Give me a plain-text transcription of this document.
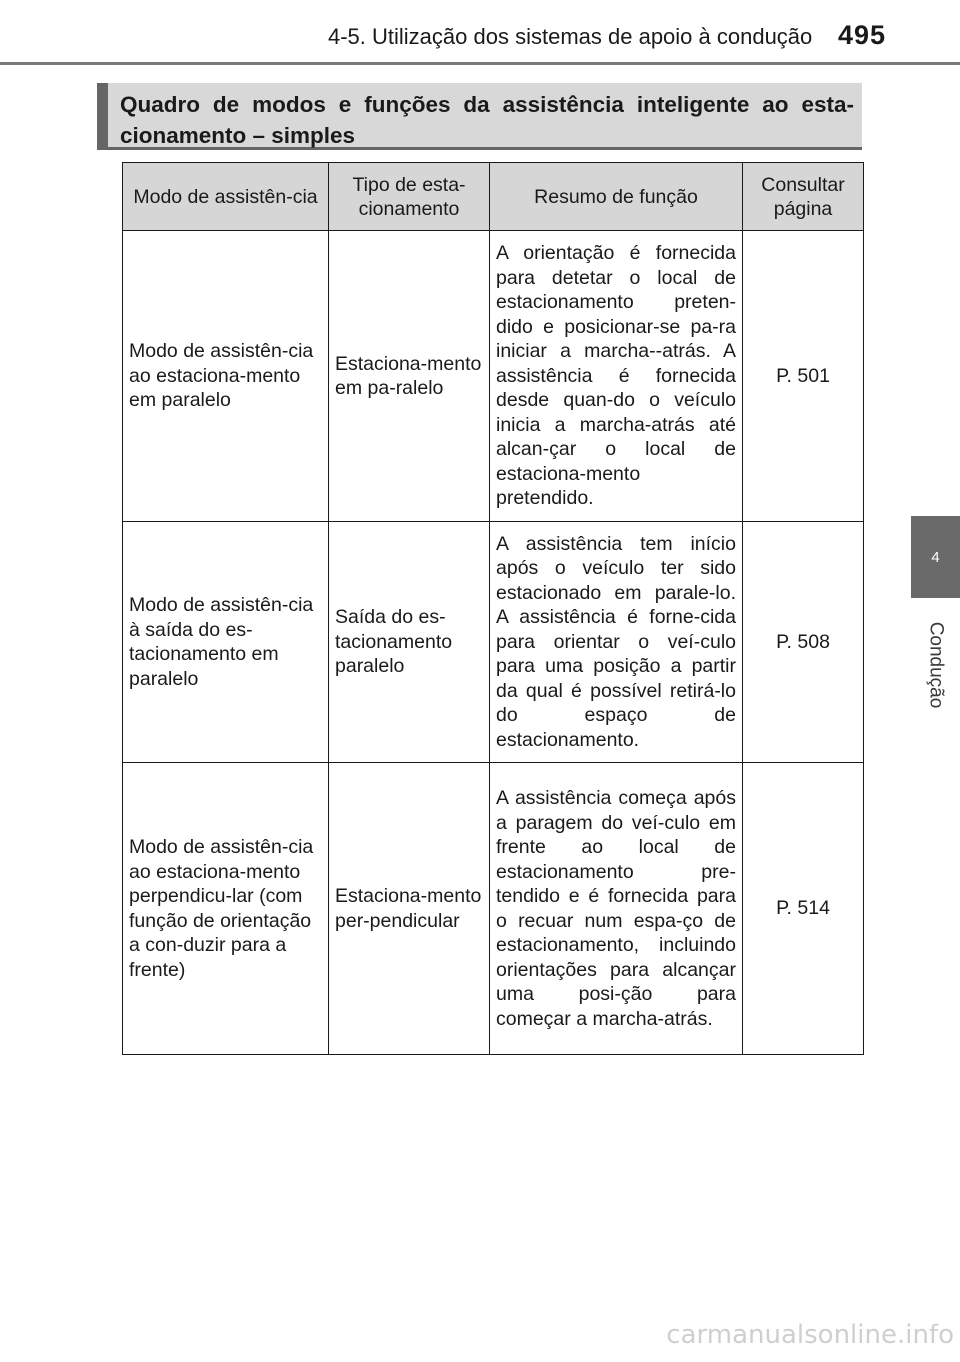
4-5. Utilização dos sistemas de apoio à condução 495
4
Condução
Quadro de modos e funções da assistência inteligente ao esta-cionamento – simples
Modo de assistên-cia	Tipo de esta-cionamento	Resumo de função	Consultar página
Modo de assistên-cia ao estaciona-mento em paralelo	Estaciona-mento em pa-ralelo	A orientação é fornecida para detetar o local de estacionamento preten-dido e posicionar-se pa-ra iniciar a marcha--atrás. A assistência é fornecida desde quan-do o veículo inicia a marcha-atrás até alcan-çar o local de estaciona-mento pretendido.	P. 501
Modo de assistên-cia à saída do es-tacionamento em paralelo	Saída do es-tacionamento paralelo	A assistência tem início após o veículo ter sido estacionado em parale-lo. A assistência é forne-cida para orientar o veí-culo para uma posição a partir da qual é possível retirá-lo do espaço de estacionamento.	P. 508
Modo de assistên-cia ao estaciona-mento perpendicu-lar (com função de orientação a con-duzir para a frente)	Estaciona-mento per-pendicular	A assistência começa após a paragem do veí-culo em frente ao local de estacionamento pre-tendido e é fornecida para o recuar num espa-ço de estacionamento, incluindo orientações para alcançar uma posi-ção para começar a marcha-atrás.	P. 514
carmanualsonline.info
